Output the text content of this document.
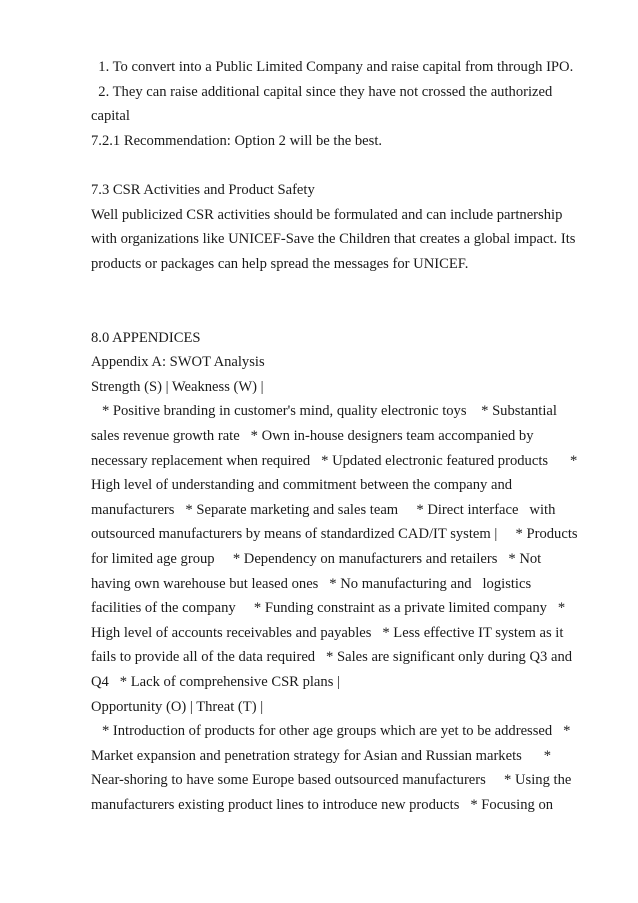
1. To convert into a Public Limited Company and raise capital from through IPO.
2. They can raise additional capital since they have not crossed the authorized
capital
7.2.1 Recommendation: Option 2 will be the best.
7.3 CSR Activities and Product Safety
Well publicized CSR activities should be formulated and can include partnership
with organizations like UNICEF-Save the Children that creates a global impact. Its
products or packages can help spread the messages for UNICEF.
8.0 APPENDICES
Appendix A: SWOT Analysis
Strength (S) | Weakness (W) |
* Positive branding in customer's mind, quality electronic toys    * Substantial
sales revenue growth rate   * Own in-house designers team accompanied by
necessary replacement when required   * Updated electronic featured products      *
High level of understanding and commitment between the company and
manufacturers   * Separate marketing and sales team     * Direct interface   with
outsourced manufacturers by means of standardized CAD/IT system |     * Products
for limited age group     * Dependency on manufacturers and retailers   * Not
having own warehouse but leased ones   * No manufacturing and   logistics
facilities of the company     * Funding constraint as a private limited company   *
High level of accounts receivables and payables   * Less effective IT system as it
fails to provide all of the data required   * Sales are significant only during Q3 and
Q4   * Lack of comprehensive CSR plans |
Opportunity (O) | Threat (T) |
* Introduction of products for other age groups which are yet to be addressed   *
Market expansion and penetration strategy for Asian and Russian markets      *
Near-shoring to have some Europe based outsourced manufacturers     * Using the
manufacturers existing product lines to introduce new products   * Focusing on
